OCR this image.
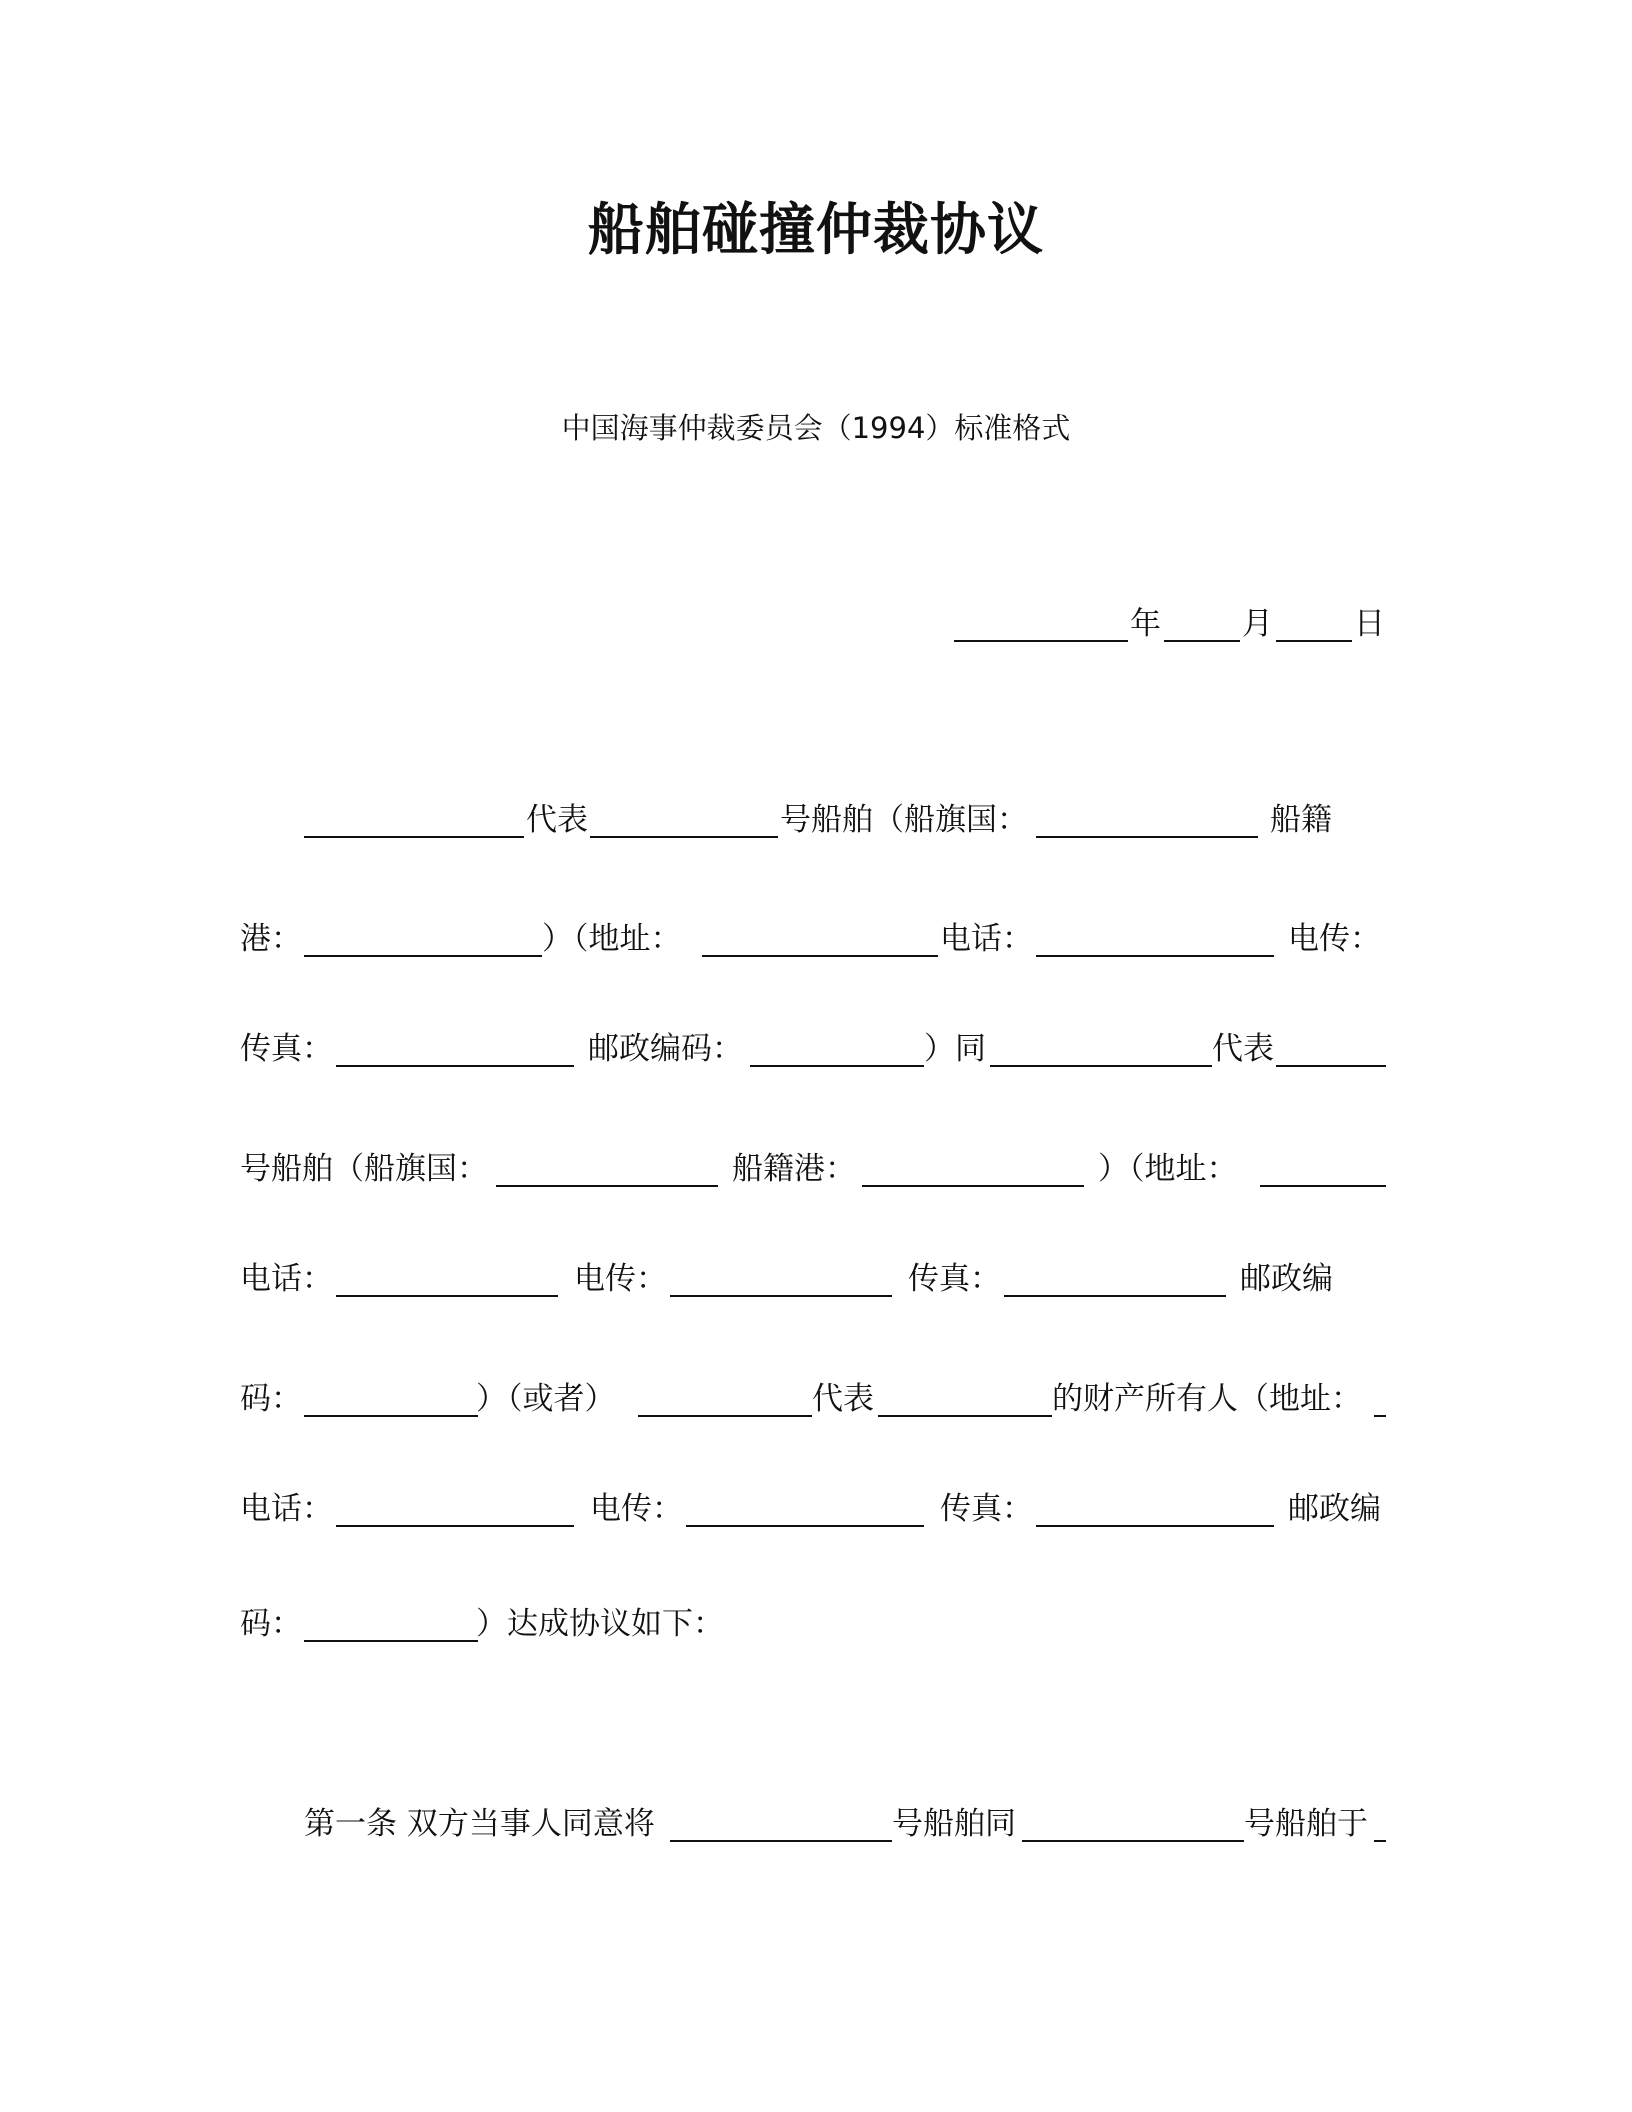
船舶碰撞仲裁协议
中国海事仲裁委员会（1994）标准格式
年	月	日
代表	号船舶（船旗国：	船籍
港：	）（地址：	电话：	电传：
传真：	邮政编码：	）同	代表
号船舶（船旗国：	船籍港：	）（地址：
电话：	电传：	传真：	邮政编
码：	）（或者）	代表	的财产所有人（地址：
电话：	电传：	传真：	邮政编
码：	）达成协议如下：
第一条 双方当事人同意将	号船舶同	号船舶于
